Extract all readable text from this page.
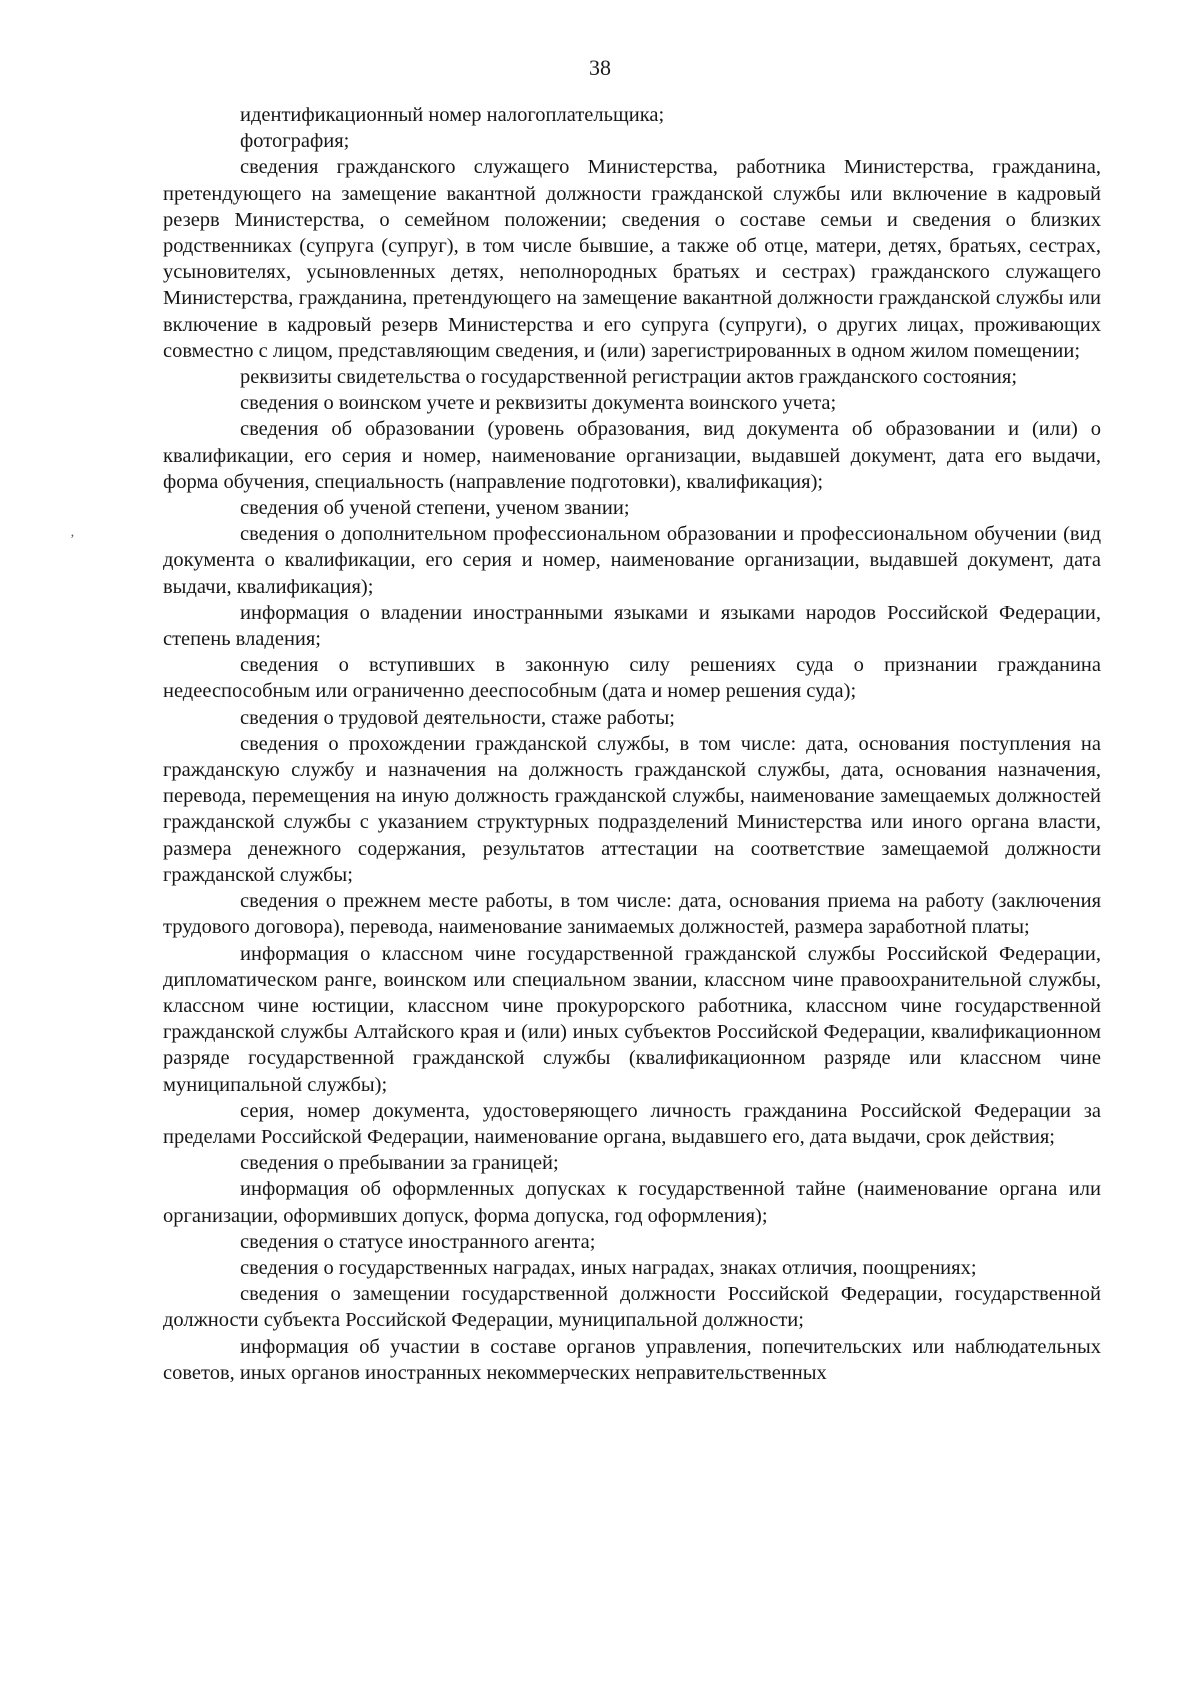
38

‚

идентификационный номер налогоплательщика;

фотография;

сведения гражданского служащего Министерства, работника Министерства, гражданина, претендующего на замещение вакантной должности гражданской службы или включение в кадровый резерв Министерства, о семейном положении; сведения о составе семьи и сведения о близких родственниках (супруга (супруг), в том числе бывшие, а также об отце, матери, детях, братьях, сестрах, усыновителях, усыновленных детях, неполнородных братьях и сестрах) гражданского служащего Министерства, гражданина, претендующего на замещение вакантной должности гражданской службы или включение в кадровый резерв Министерства и его супруга (супруги), о других лицах, проживающих совместно с лицом, представляющим сведения, и (или) зарегистрированных в одном жилом помещении;

реквизиты свидетельства о государственной регистрации актов гражданского состояния;

сведения о воинском учете и реквизиты документа воинского учета;

сведения об образовании (уровень образования, вид документа об образовании и (или) о квалификации, его серия и номер, наименование организации, выдавшей документ, дата его выдачи, форма обучения, специальность (направление подготовки), квалификация);

сведения об ученой степени, ученом звании;

сведения о дополнительном профессиональном образовании и профессиональном обучении (вид документа о квалификации, его серия и номер, наименование организации, выдавшей документ, дата выдачи, квалификация);

информация о владении иностранными языками и языками народов Российской Федерации, степень владения;

сведения о вступивших в законную силу решениях суда о признании гражданина недееспособным или ограниченно дееспособным (дата и номер решения суда);

сведения о трудовой деятельности, стаже работы;

сведения о прохождении гражданской службы, в том числе: дата, основания поступления на гражданскую службу и назначения на должность гражданской службы, дата, основания назначения, перевода, перемещения на иную должность гражданской службы, наименование замещаемых должностей гражданской службы с указанием структурных подразделений Министерства или иного органа власти, размера денежного содержания, результатов аттестации на соответствие замещаемой должности гражданской службы;

сведения о прежнем месте работы, в том числе: дата, основания приема на работу (заключения трудового договора), перевода, наименование занимаемых должностей, размера заработной платы;

информация о классном чине государственной гражданской службы Российской Федерации, дипломатическом ранге, воинском или специальном звании, классном чине правоохранительной службы, классном чине юстиции, классном чине прокурорского работника, классном чине государственной гражданской службы Алтайского края и (или) иных субъектов Российской Федерации, квалификационном разряде государственной гражданской службы (квалификационном разряде или классном чине муниципальной службы);

серия, номер документа, удостоверяющего личность гражданина Российской Федерации за пределами Российской Федерации, наименование органа, выдавшего его, дата выдачи, срок действия;

сведения о пребывании за границей;

информация об оформленных допусках к государственной тайне (наименование органа или организации, оформивших допуск, форма допуска, год оформления);

сведения о статусе иностранного агента;

сведения о государственных наградах, иных наградах, знаках отличия, поощрениях;

сведения о замещении государственной должности Российской Федерации, государственной должности субъекта Российской Федерации, муниципальной должности;

информация об участии в составе органов управления, попечительских или наблюдательных советов, иных органов иностранных некоммерческих неправительственных
